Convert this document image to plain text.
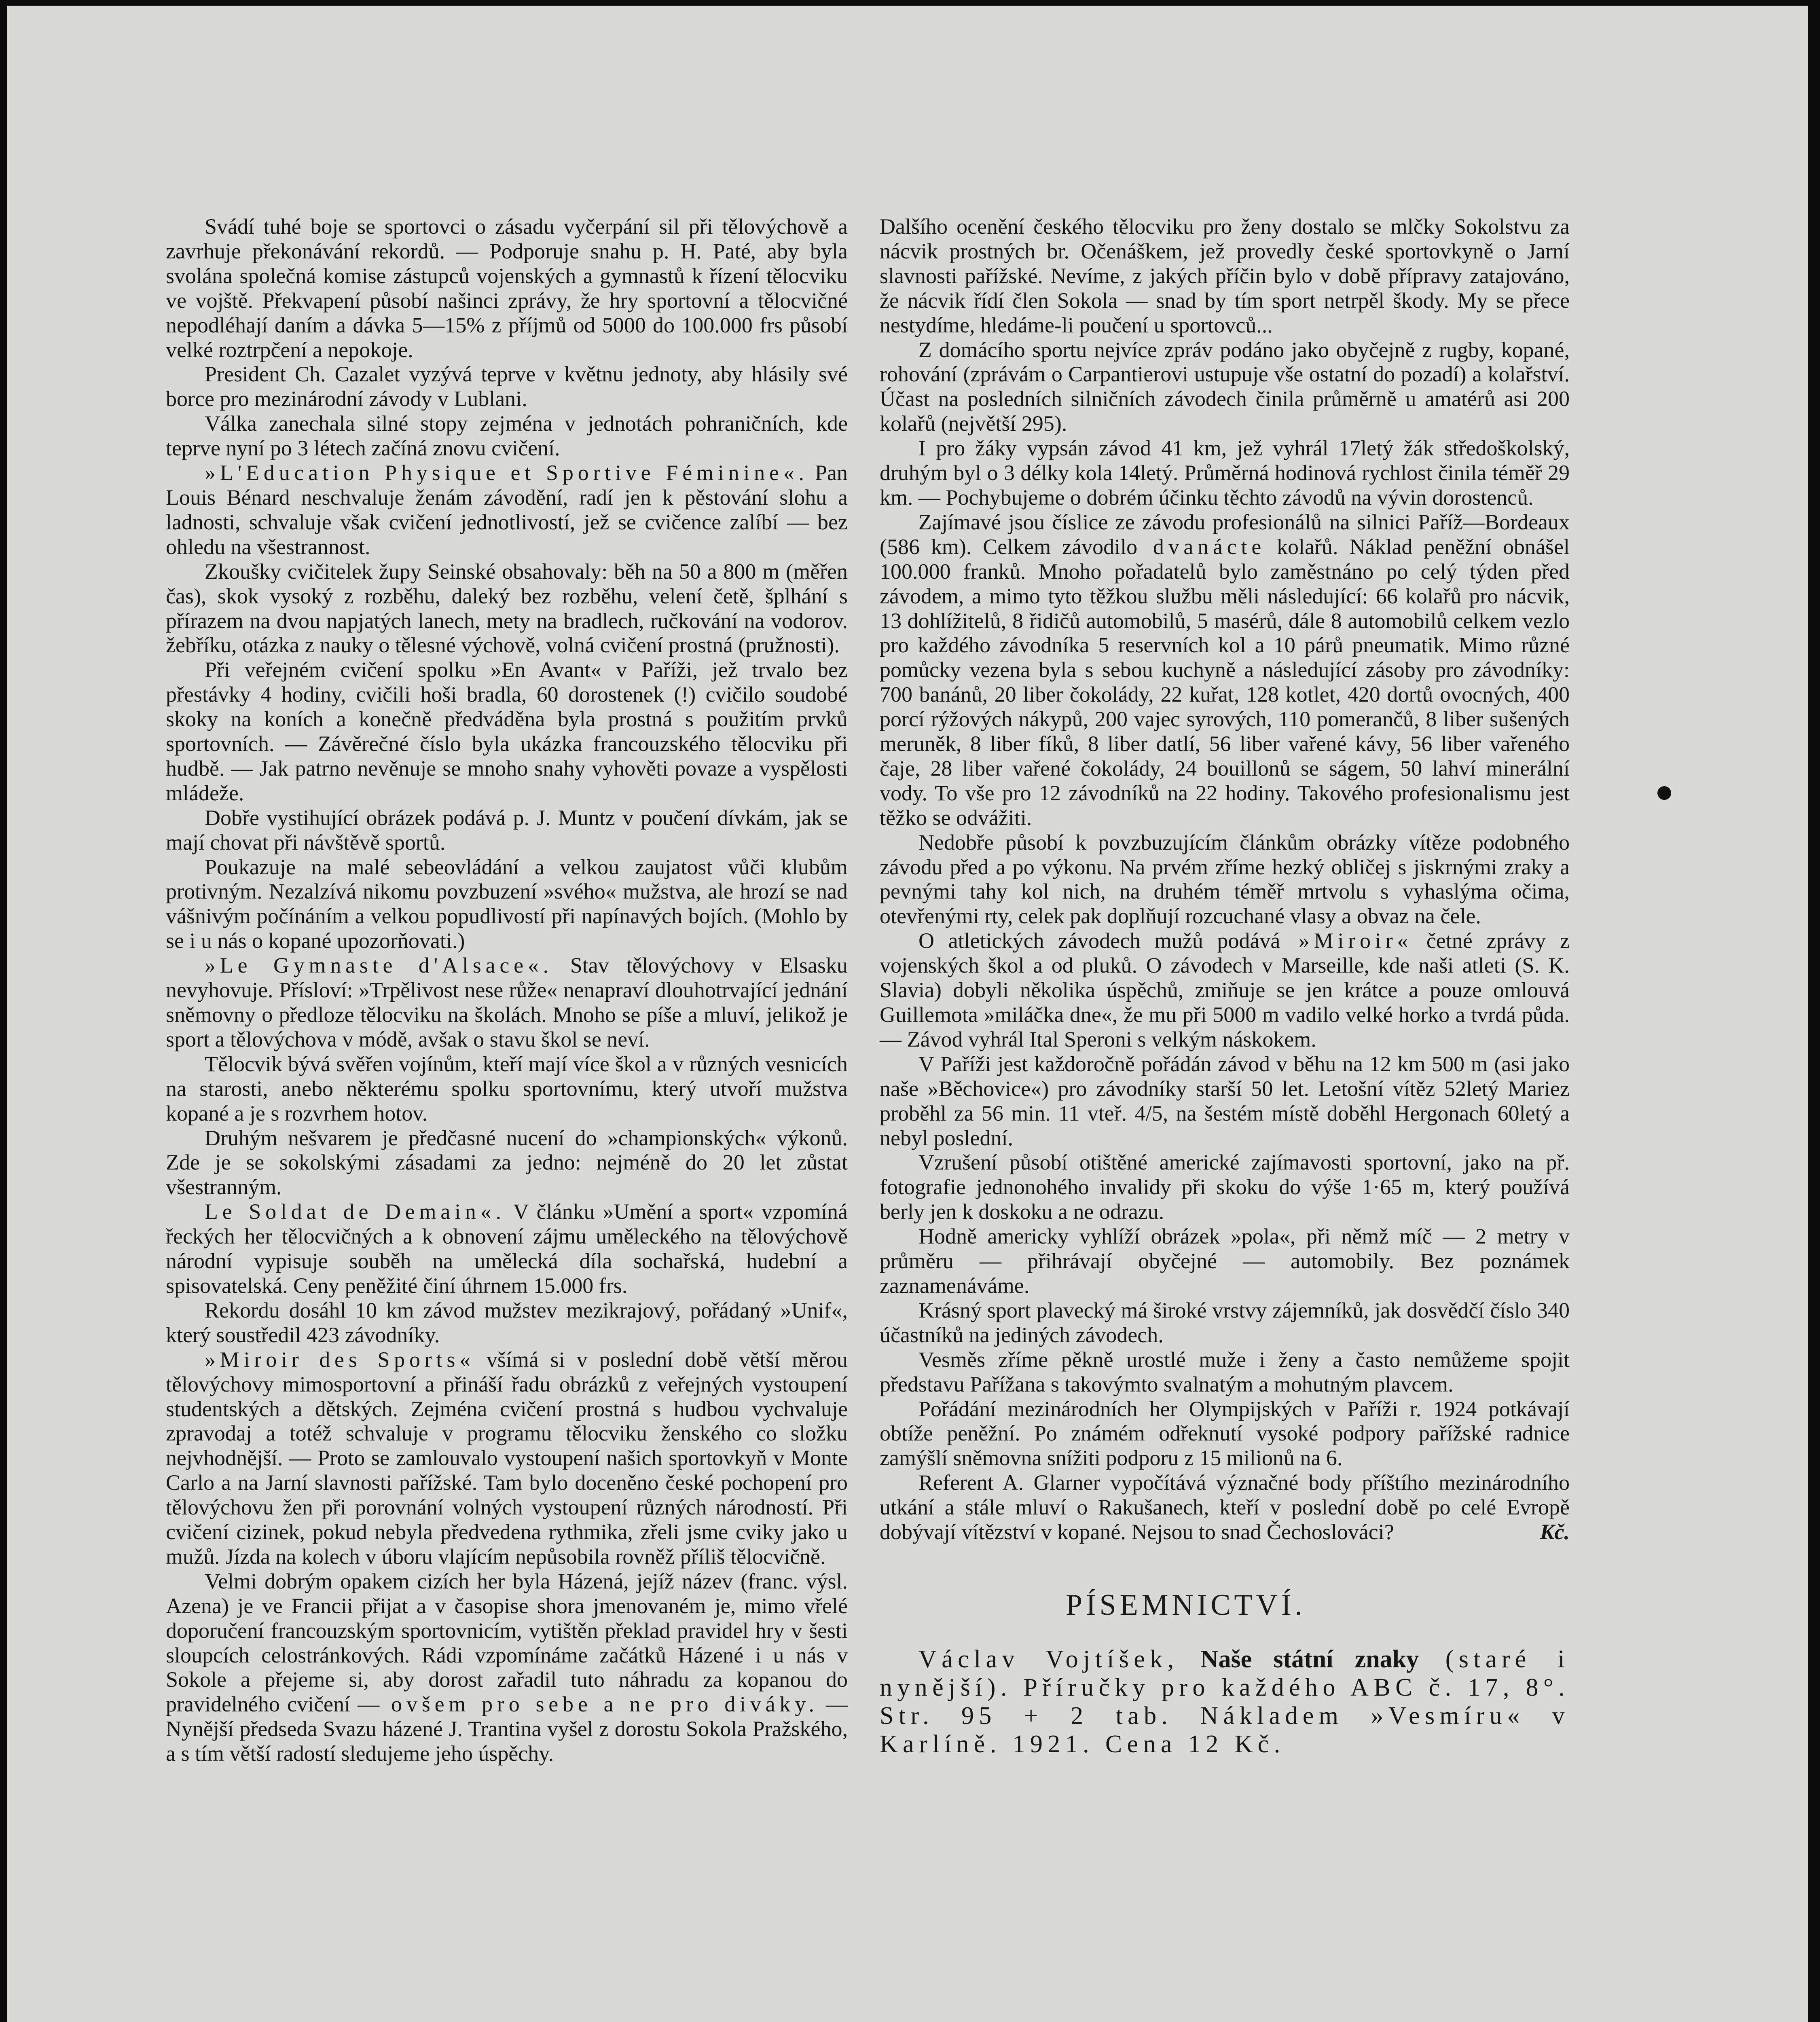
Svádí tuhé boje se sportovci o zásadu vyčerpání sil při tělovýchově a zavrhuje překonávání rekordů. — Podporuje snahu p. H. Paté, aby byla svolána společná komise zástupců vojenských a gymnastů k řízení tělocviku ve vojště. Překvapení působí našinci zprávy, že hry sportovní a tělocvičné nepodléhají daním a dávka 5—15% z příjmů od 5000 do 100.000 frs působí velké roztrpčení a nepokoje.

President Ch. Cazalet vyzývá teprve v květnu jednoty, aby hlásily své borce pro mezinárodní závody v Lublani.

Válka zanechala silné stopy zejména v jednotách pohraničních, kde teprve nyní po 3 létech začíná znovu cvičení.

»L'Education Physique et Sportive Féminine«. Pan Louis Bénard neschvaluje ženám závodění, radí jen k pěstování slohu a ladnosti, schvaluje však cvičení jednotlivostí, jež se cvičence zalíbí — bez ohledu na všestrannost.

Zkoušky cvičitelek župy Seinské obsahovaly: běh na 50 a 800 m (měřen čas), skok vysoký z rozběhu, daleký bez rozběhu, velení četě, šplhání s přírazem na dvou napjatých lanech, mety na bradlech, ručkování na vodorov. žebříku, otázka z nauky o tělesné výchově, volná cvičení prostná (pružnosti).

Při veřejném cvičení spolku »En Avant« v Paříži, jež trvalo bez přestávky 4 hodiny, cvičili hoši bradla, 60 dorostenek (!) cvičilo soudobé skoky na koních a konečně předváděna byla prostná s použitím prvků sportovních. — Závěrečné číslo byla ukázka francouzského tělocviku při hudbě. — Jak patrno nevěnuje se mnoho snahy vyhověti povaze a vyspělosti mládeže.

Dobře vystihující obrázek podává p. J. Muntz v poučení dívkám, jak se mají chovat při návštěvě sportů.

Poukazuje na malé sebeovládání a velkou zaujatost vůči klubům protivným. Nezalzívá nikomu povzbuzení »svého« mužstva, ale hrozí se nad vášnivým počínáním a velkou popudlivostí při napínavých bojích. (Mohlo by se i u nás o kopané upozorňovati.)

»Le Gymnaste d'Alsace«. Stav tělovýchovy v Elsasku nevyhovuje. Přísloví: »Trpělivost nese růže« nenapraví dlouhotrvající jednání sněmovny o předloze tělocviku na školách. Mnoho se píše a mluví, jelikož je sport a tělovýchova v módě, avšak o stavu škol se neví.

Tělocvik bývá svěřen vojínům, kteří mají více škol a v různých vesnicích na starosti, anebo některému spolku sportovnímu, který utvoří mužstva kopané a je s rozvrhem hotov.

Druhým nešvarem je předčasné nucení do »championských« výkonů. Zde je se sokolskými zásadami za jedno: nejméně do 20 let zůstat všestranným.

Le Soldat de Demain«. V článku »Umění a sport« vzpomíná řeckých her tělocvičných a k obnovení zájmu uměleckého na tělovýchově národní vypisuje souběh na umělecká díla sochařská, hudební a spisovatelská. Ceny peněžité činí úhrnem 15.000 frs.

Rekordu dosáhl 10 km závod mužstev mezikrajový, pořádaný »Unif«, který soustředil 423 závodníky.

»Miroir des Sports« všímá si v poslední době větší měrou tělovýchovy mimosportovní a přináší řadu obrázků z veřejných vystoupení studentských a dětských. Zejména cvičení prostná s hudbou vychvaluje zpravodaj a totéž schvaluje v programu tělocviku ženského co složku nejvhodnější. — Proto se zamlouvalo vystoupení našich sportovkyň v Monte Carlo a na Jarní slavnosti pařížské. Tam bylo doceněno české pochopení pro tělovýchovu žen při porovnání volných vystoupení různých národností. Při cvičení cizinek, pokud nebyla předvedena rythmika, zřeli jsme cviky jako u mužů. Jízda na kolech v úboru vlajícím nepůsobila rovněž příliš tělocvičně.

Velmi dobrým opakem cizích her byla Házená, jejíž název (franc. výsl. Azena) je ve Francii přijat a v časopise shora jmenovaném je, mimo vřelé doporučení francouzským sportovnicím, vytištěn překlad pravidel hry v šesti sloupcích celostránkových. Rádi vzpomínáme začátků Házené i u nás v Sokole a přejeme si, aby dorost zařadil tuto náhradu za kopanou do pravidelného cvičení — ovšem pro sebe a ne pro diváky. — Nynější předseda Svazu házené J. Trantina vyšel z dorostu Sokola Pražského, a s tím větší radostí sledujeme jeho úspěchy.

Dalšího ocenění českého tělocviku pro ženy dostalo se mlčky Sokolstvu za nácvik prostných br. Očenáškem, jež provedly české sportovkyně o Jarní slavnosti pařížské. Nevíme, z jakých příčin bylo v době přípravy zatajováno, že nácvik řídí člen Sokola — snad by tím sport netrpěl škody. My se přece nestydíme, hledáme-li poučení u sportovců...

Z domácího sportu nejvíce zpráv podáno jako obyčejně z rugby, kopané, rohování (zprávám o Carpantierovi ustupuje vše ostatní do pozadí) a kolařství. Účast na posledních silničních závodech činila průměrně u amatérů asi 200 kolařů (největší 295).

I pro žáky vypsán závod 41 km, jež vyhrál 17letý žák středoškolský, druhým byl o 3 délky kola 14letý. Průměrná hodinová rychlost činila téměř 29 km. — Pochybujeme o dobrém účinku těchto závodů na vývin dorostenců.

Zajímavé jsou číslice ze závodu profesionálů na silnici Paříž—Bordeaux (586 km). Celkem závodilo dvanácte kolařů. Náklad peněžní obnášel 100.000 franků. Mnoho pořadatelů bylo zaměstnáno po celý týden před závodem, a mimo tyto těžkou službu měli následující: 66 kolařů pro nácvik, 13 dohlížitelů, 8 řidičů automobilů, 5 masérů, dále 8 automobilů celkem vezlo pro každého závodníka 5 reservních kol a 10 párů pneumatik. Mimo různé pomůcky vezena byla s sebou kuchyně a následující zásoby pro závodníky: 700 banánů, 20 liber čokolády, 22 kuřat, 128 kotlet, 420 dortů ovocných, 400 porcí rýžových nákypů, 200 vajec syrových, 110 pomerančů, 8 liber sušených meruněk, 8 liber fíků, 8 liber datlí, 56 liber vařené kávy, 56 liber vařeného čaje, 28 liber vařené čokolády, 24 bouillonů se ságem, 50 lahví minerální vody. To vše pro 12 závodníků na 22 hodiny. Takového profesionalismu jest těžko se odvážiti.

Nedobře působí k povzbuzujícím článkům obrázky vítěze podobného závodu před a po výkonu. Na prvém zříme hezký obličej s jiskrnými zraky a pevnými tahy kol nich, na druhém téměř mrtvolu s vyhaslýma očima, otevřenými rty, celek pak doplňují rozcuchané vlasy a obvaz na čele.

O atletických závodech mužů podává »Miroir« četné zprávy z vojenských škol a od pluků. O závodech v Marseille, kde naši atleti (S. K. Slavia) dobyli několika úspěchů, zmiňuje se jen krátce a pouze omlouvá Guillemota »miláčka dne«, že mu při 5000 m vadilo velké horko a tvrdá půda. — Závod vyhrál Ital Speroni s velkým náskokem.

V Paříži jest každoročně pořádán závod v běhu na 12 km 500 m (asi jako naše »Běchovice«) pro závodníky starší 50 let. Letošní vítěz 52letý Mariez proběhl za 56 min. 11 vteř. 4/5, na šestém místě doběhl Hergonach 60letý a nebyl poslední.

Vzrušení působí otištěné americké zajímavosti sportovní, jako na př. fotografie jednonohého invalidy při skoku do výše 1·65 m, který používá berly jen k doskoku a ne odrazu.

Hodně americky vyhlíží obrázek »pola«, při němž míč — 2 metry v průměru — přihrávají obyčejné — automobily. Bez poznámek zaznamenáváme.

Krásný sport plavecký má široké vrstvy zájemníků, jak dosvědčí číslo 340 účastníků na jediných závodech.

Vesměs zříme pěkně urostlé muže i ženy a často nemůžeme spojit představu Pařížana s takovýmto svalnatým a mohutným plavcem.

Pořádání mezinárodních her Olympijských v Paříži r. 1924 potkávají obtíže peněžní. Po známém odřeknutí vysoké podpory pařížské radnice zamýšlí sněmovna snížiti podporu z 15 milionů na 6.

Referent A. Glarner vypočítává význačné body příštího mezinárodního utkání a stále mluví o Rakušanech, kteří v poslední době po celé Evropě dobývají vítězství v kopané. Nejsou to snad Čechoslováci?	Kč.

PÍSEMNICTVÍ.

Václav Vojtíšek, Naše státní znaky (staré i nynější). Příručky pro každého ABC č. 17, 8°. Str. 95 + 2 tab. Nákladem »Vesmíru« v Karlíně. 1921. Cena 12 Kč.
